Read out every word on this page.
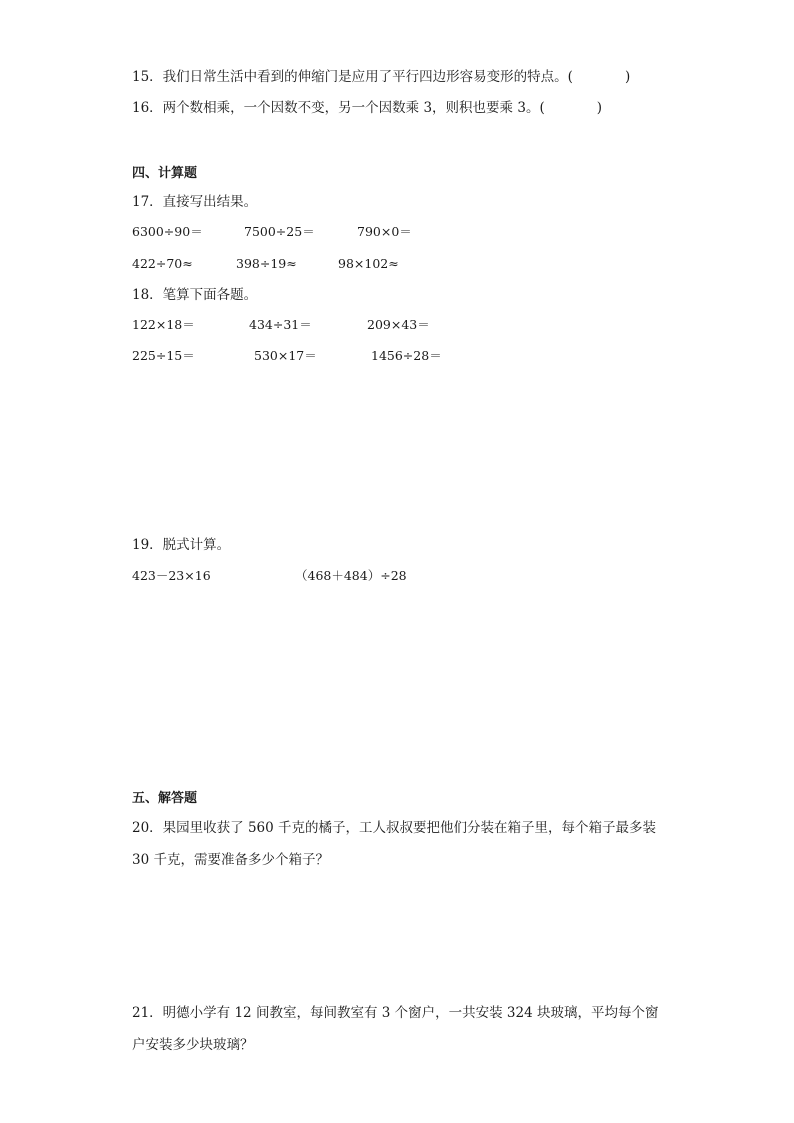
15．我们日常生活中看到的伸缩门是应用了平行四边形容易变形的特点。(	)
16．两个数相乘，一个因数不变，另一个因数乘 3，则积也要乘 3。(	)
四、计算题
17．直接写出结果。
6300÷90＝	7500÷25＝	790×0＝
422÷70≈	398÷19≈	98×102≈
18．笔算下面各题。
122×18＝	434÷31＝	209×43＝
225÷15＝	530×17＝	1456÷28＝
19．脱式计算。
423－23×16	（468＋484）÷28
五、解答题
20．果园里收获了 560 千克的橘子，工人叔叔要把他们分装在箱子里，每个箱子最多装
30 千克，需要准备多少个箱子？
21．明德小学有 12 间教室，每间教室有 3 个窗户，一共安装 324 块玻璃，平均每个窗
户安装多少块玻璃？
